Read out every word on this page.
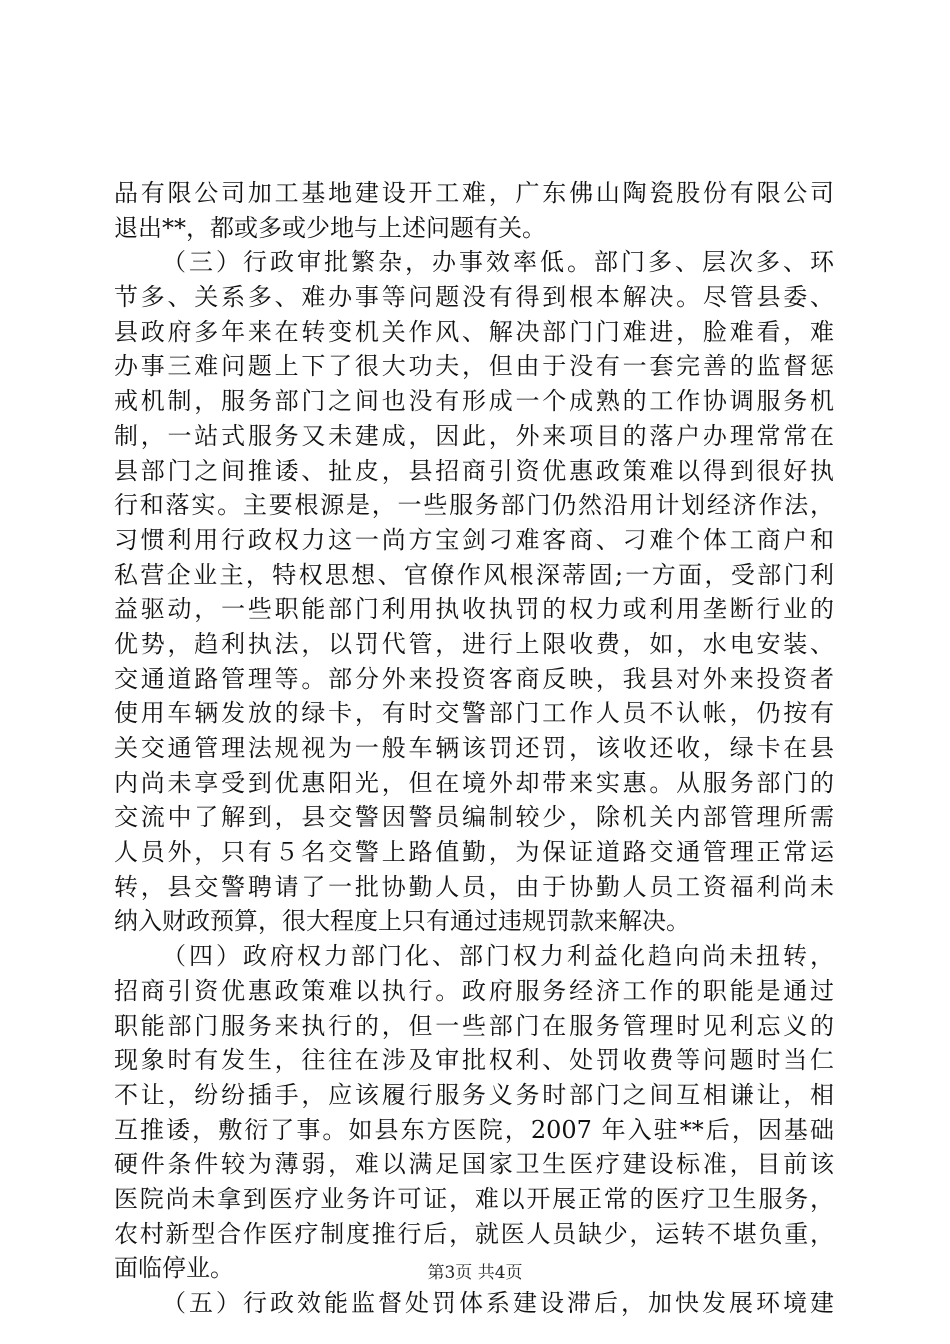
品有限公司加工基地建设开工难，广东佛山陶瓷股份有限公司
退出**，都或多或少地与上述问题有关。
（三）行政审批繁杂，办事效率低。部门多、层次多、环
节多、关系多、难办事等问题没有得到根本解决。尽管县委、
县政府多年来在转变机关作风、解决部门门难进，脸难看，难
办事三难问题上下了很大功夫，但由于没有一套完善的监督惩
戒机制，服务部门之间也没有形成一个成熟的工作协调服务机
制，一站式服务又未建成，因此，外来项目的落户办理常常在
县部门之间推诿、扯皮，县招商引资优惠政策难以得到很好执
行和落实。主要根源是，一些服务部门仍然沿用计划经济作法，
习惯利用行政权力这一尚方宝剑刁难客商、刁难个体工商户和
私营企业主，特权思想、官僚作风根深蒂固;一方面，受部门利
益驱动，一些职能部门利用执收执罚的权力或利用垄断行业的
优势，趋利执法，以罚代管，进行上限收费，如，水电安装、
交通道路管理等。部分外来投资客商反映，我县对外来投资者
使用车辆发放的绿卡，有时交警部门工作人员不认帐，仍按有
关交通管理法规视为一般车辆该罚还罚，该收还收，绿卡在县
内尚未享受到优惠阳光，但在境外却带来实惠。从服务部门的
交流中了解到，县交警因警员编制较少，除机关内部管理所需
人员外，只有５名交警上路值勤，为保证道路交通管理正常运
转，县交警聘请了一批协勤人员，由于协勤人员工资福利尚未
纳入财政预算，很大程度上只有通过违规罚款来解决。
（四）政府权力部门化、部门权力利益化趋向尚未扭转，
招商引资优惠政策难以执行。政府服务经济工作的职能是通过
职能部门服务来执行的，但一些部门在服务管理时见利忘义的
现象时有发生，往往在涉及审批权利、处罚收费等问题时当仁
不让，纷纷插手，应该履行服务义务时部门之间互相谦让，相
互推诿，敷衍了事。如县东方医院，2007 年入驻**后，因基础
硬件条件较为薄弱，难以满足国家卫生医疗建设标准，目前该
医院尚未拿到医疗业务许可证，难以开展正常的医疗卫生服务，
农村新型合作医疗制度推行后，就医人员缺少，运转不堪负重，
面临停业。
（五）行政效能监督处罚体系建设滞后，加快发展环境建
第3页 共4页
